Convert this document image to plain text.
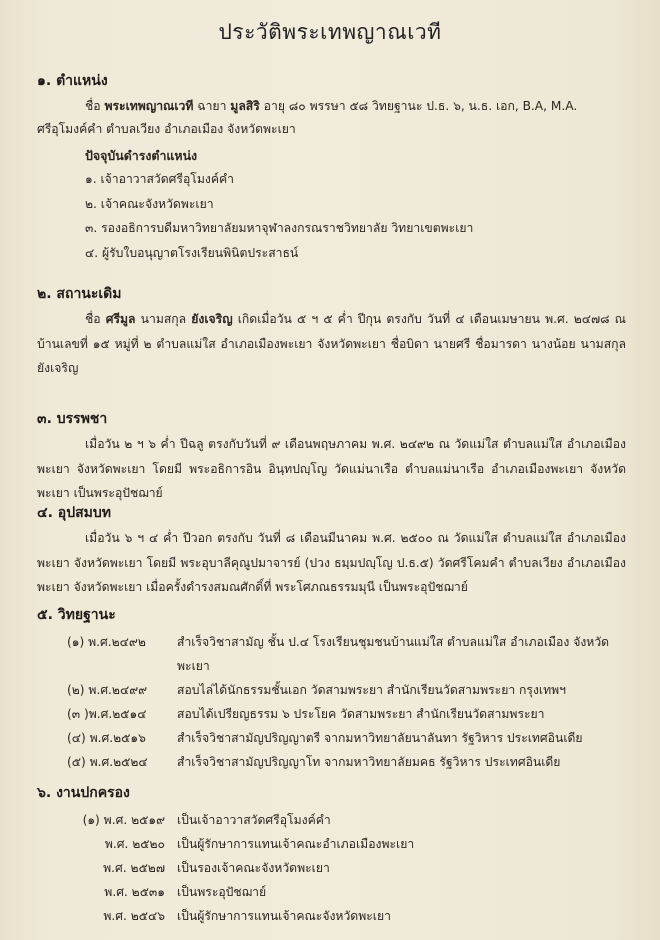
ประวัติพระเทพญาณเวที

๑. ตำแหน่ง

ชื่อ พระเทพญาณเวที ฉายา มูลสิริ อายุ ๘๐ พรรษา ๕๘ วิทยฐานะ ป.ธ. ๖, น.ธ. เอก, B.A, M.A.

ศรีอุโมงค์คำ ตำบลเวียง อำเภอเมือง จังหวัดพะเยา

ปัจจุบันดำรงตำแหน่ง

๑. เจ้าอาวาสวัดศรีอุโมงค์คำ
๒. เจ้าคณะจังหวัดพะเยา
๓. รองอธิการบดีมหาวิทยาลัยมหาจุฬาลงกรณราชวิทยาลัย วิทยาเขตพะเยา
๔. ผู้รับใบอนุญาตโรงเรียนพินิตประสาธน์

๒. สถานะเดิม

ชื่อ ศรีมูล นามสกุล ยังเจริญ เกิดเมื่อวัน ๕ ฯ ๕ ค่ำ ปีกุน ตรงกับ วันที่ ๔ เดือนเมษายน พ.ศ. ๒๔๗๘ ณ บ้านเลขที่ ๑๕ หมู่ที่ ๒ ตำบลแม่ใส อำเภอเมืองพะเยา จังหวัดพะเยา ชื่อบิดา นายศรี ชื่อมารดา นางน้อย นามสกุล ยังเจริญ

๓. บรรพชา

เมื่อวัน ๒ ฯ ๖ ค่ำ ปีฉลู ตรงกับวันที่ ๙ เดือนพฤษภาคม พ.ศ. ๒๔๙๒ ณ วัดแม่ใส ตำบลแม่ใส อำเภอเมืองพะเยา จังหวัดพะเยา โดยมี พระอธิการอิน อินฺทปญฺโญ วัดแม่นาเรือ ตำบลแม่นาเรือ อำเภอเมืองพะเยา จังหวัดพะเยา เป็นพระอุปัชฌาย์

๔. อุปสมบท

เมื่อวัน ๖ ฯ ๔ ค่ำ ปีวอก ตรงกับ วันที่ ๘ เดือนมีนาคม พ.ศ. ๒๕๐๐ ณ วัดแม่ใส ตำบลแม่ใส อำเภอเมืองพะเยา จังหวัดพะเยา โดยมี พระอุบาลีคุณูปมาจารย์ (ปวง ธมฺมปญฺโญ ป.ธ.๕) วัดศรีโคมคำ ตำบลเวียง อำเภอเมืองพะเยา จังหวัดพะเยา เมื่อครั้งดำรงสมณศักดิ์ที่ พระโศภณธรรมมุนี เป็นพระอุปัชฌาย์

๕. วิทยฐานะ

(๑) พ.ศ.๒๔๙๒	สำเร็จวิชาสามัญ ชั้น ป.๔ โรงเรียนชุมชนบ้านแม่ใส ตำบลแม่ใส อำเภอเมือง จังหวัดพะเยา
(๒) พ.ศ.๒๔๙๙	สอบไล่ได้นักธรรมชั้นเอก วัดสามพระยา สำนักเรียนวัดสามพระยา กรุงเทพฯ
(๓ )พ.ศ.๒๕๑๔	สอบได้เปรียญธรรม ๖ ประโยค วัดสามพระยา สำนักเรียนวัดสามพระยา
(๔) พ.ศ.๒๕๑๖	สำเร็จวิชาสามัญปริญญาตรี จากมหาวิทยาลัยนาลันทา รัฐวิหาร ประเทศอินเดีย
(๕) พ.ศ.๒๕๒๔	สำเร็จวิชาสามัญปริญญาโท จากมหาวิทยาลัยมคธ รัฐวิหาร ประเทศอินเดีย

๖. งานปกครอง

(๑) พ.ศ. ๒๕๑๙ เป็นเจ้าอาวาสวัดศรีอุโมงค์คำ
พ.ศ. ๒๕๒๐ เป็นผู้รักษาการแทนเจ้าคณะอำเภอเมืองพะเยา
พ.ศ. ๒๕๒๗ เป็นรองเจ้าคณะจังหวัดพะเยา
พ.ศ. ๒๕๓๑ เป็นพระอุปัชฌาย์
พ.ศ. ๒๕๔๖ เป็นผู้รักษาการแทนเจ้าคณะจังหวัดพะเยา
